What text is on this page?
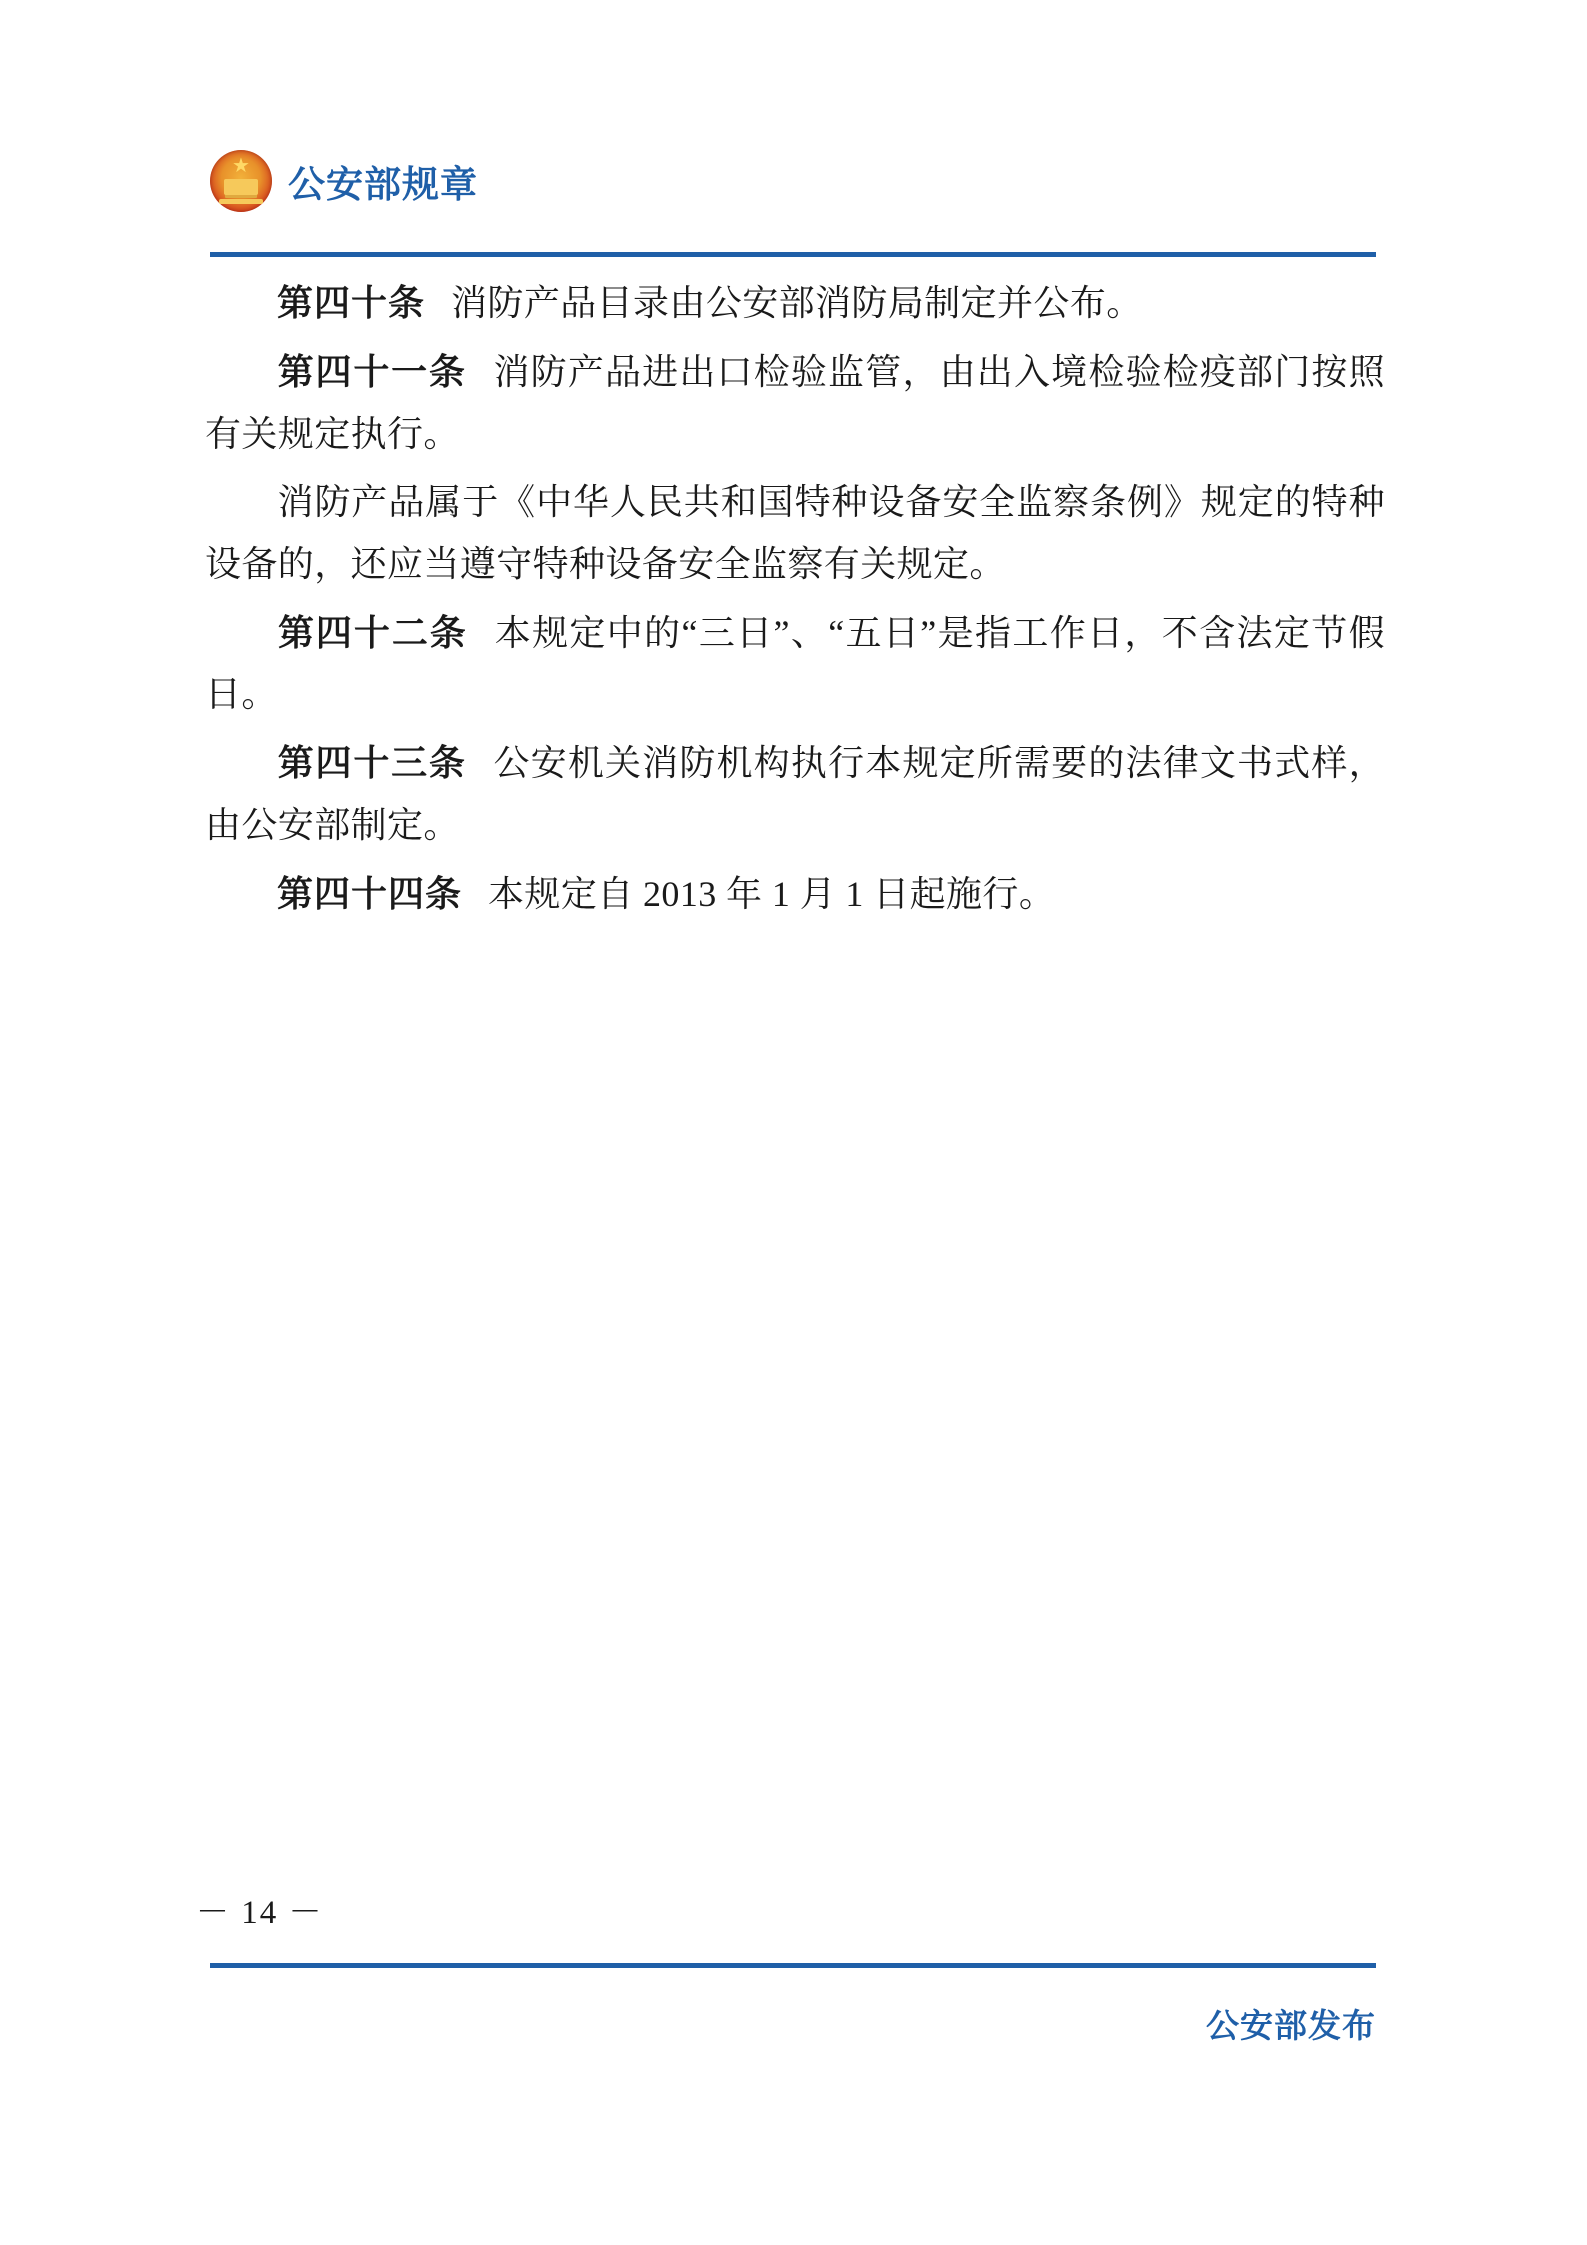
★ 公安部规章

第四十条 消防产品目录由公安部消防局制定并公布。

第四十一条 消防产品进出口检验监管，由出入境检验检疫部门按照有关规定执行。

消防产品属于《中华人民共和国特种设备安全监察条例》规定的特种设备的，还应当遵守特种设备安全监察有关规定。

第四十二条 本规定中的“三日”、“五日”是指工作日，不含法定节假日。

第四十三条 公安机关消防机构执行本规定所需要的法律文书式样，由公安部制定。

第四十四条 本规定自 2013 年 1 月 1 日起施行。

－ 14 －
公安部发布
